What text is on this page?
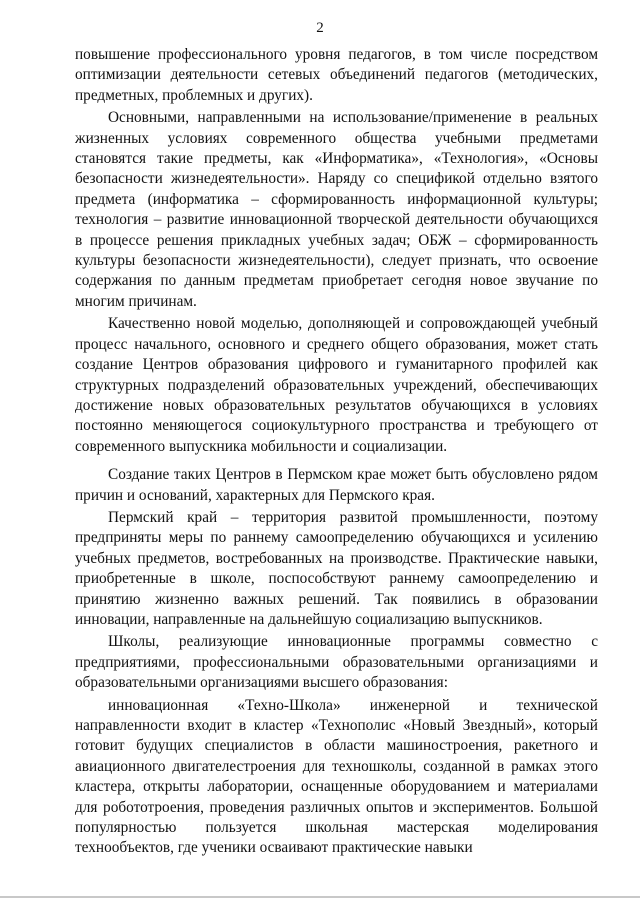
2

повышение профессионального уровня педагогов, в том числе посредством оптимизации деятельности сетевых объединений педагогов (методических, предметных, проблемных и других).

Основными, направленными на использование/применение в реальных жизненных условиях современного общества учебными предметами становятся такие предметы, как «Информатика», «Технология», «Основы безопасности жизнедеятельности». Наряду со спецификой отдельно взятого предмета (информатика – сформированность информационной культуры; технология – развитие инновационной творческой деятельности обучающихся в процессе решения прикладных учебных задач; ОБЖ – сформированность культуры безопасности жизнедеятельности), следует признать, что освоение содержания по данным предметам приобретает сегодня новое звучание по многим причинам.

Качественно новой моделью, дополняющей и сопровождающей учебный процесс начального, основного и среднего общего образования, может стать создание Центров образования цифрового и гуманитарного профилей как структурных подразделений образовательных учреждений, обеспечивающих достижение новых образовательных результатов обучающихся в условиях постоянно меняющегося социокультурного пространства и требующего от современного выпускника мобильности и социализации.

Создание таких Центров в Пермском крае может быть обусловлено рядом причин и оснований, характерных для Пермского края.

Пермский край – территория развитой промышленности, поэтому предприняты меры по раннему самоопределению обучающихся и усилению учебных предметов, востребованных на производстве. Практические навыки, приобретенные в школе, поспособствуют раннему самоопределению и принятию жизненно важных решений. Так появились в образовании инновации, направленные на дальнейшую социализацию выпускников.

Школы, реализующие инновационные программы совместно с предприятиями, профессиональными образовательными организациями и образовательными организациями высшего образования:

инновационная «Техно-Школа» инженерной и технической направленности входит в кластер «Технополис «Новый Звездный», который готовит будущих специалистов в области машиностроения, ракетного и авиационного двигателестроения для техношколы, созданной в рамках этого кластера, открыты лаборатории, оснащенные оборудованием и материалами для робототроения, проведения различных опытов и экспериментов. Большой популярностью пользуется школьная мастерская моделирования технообъектов, где ученики осваивают практические навыки
